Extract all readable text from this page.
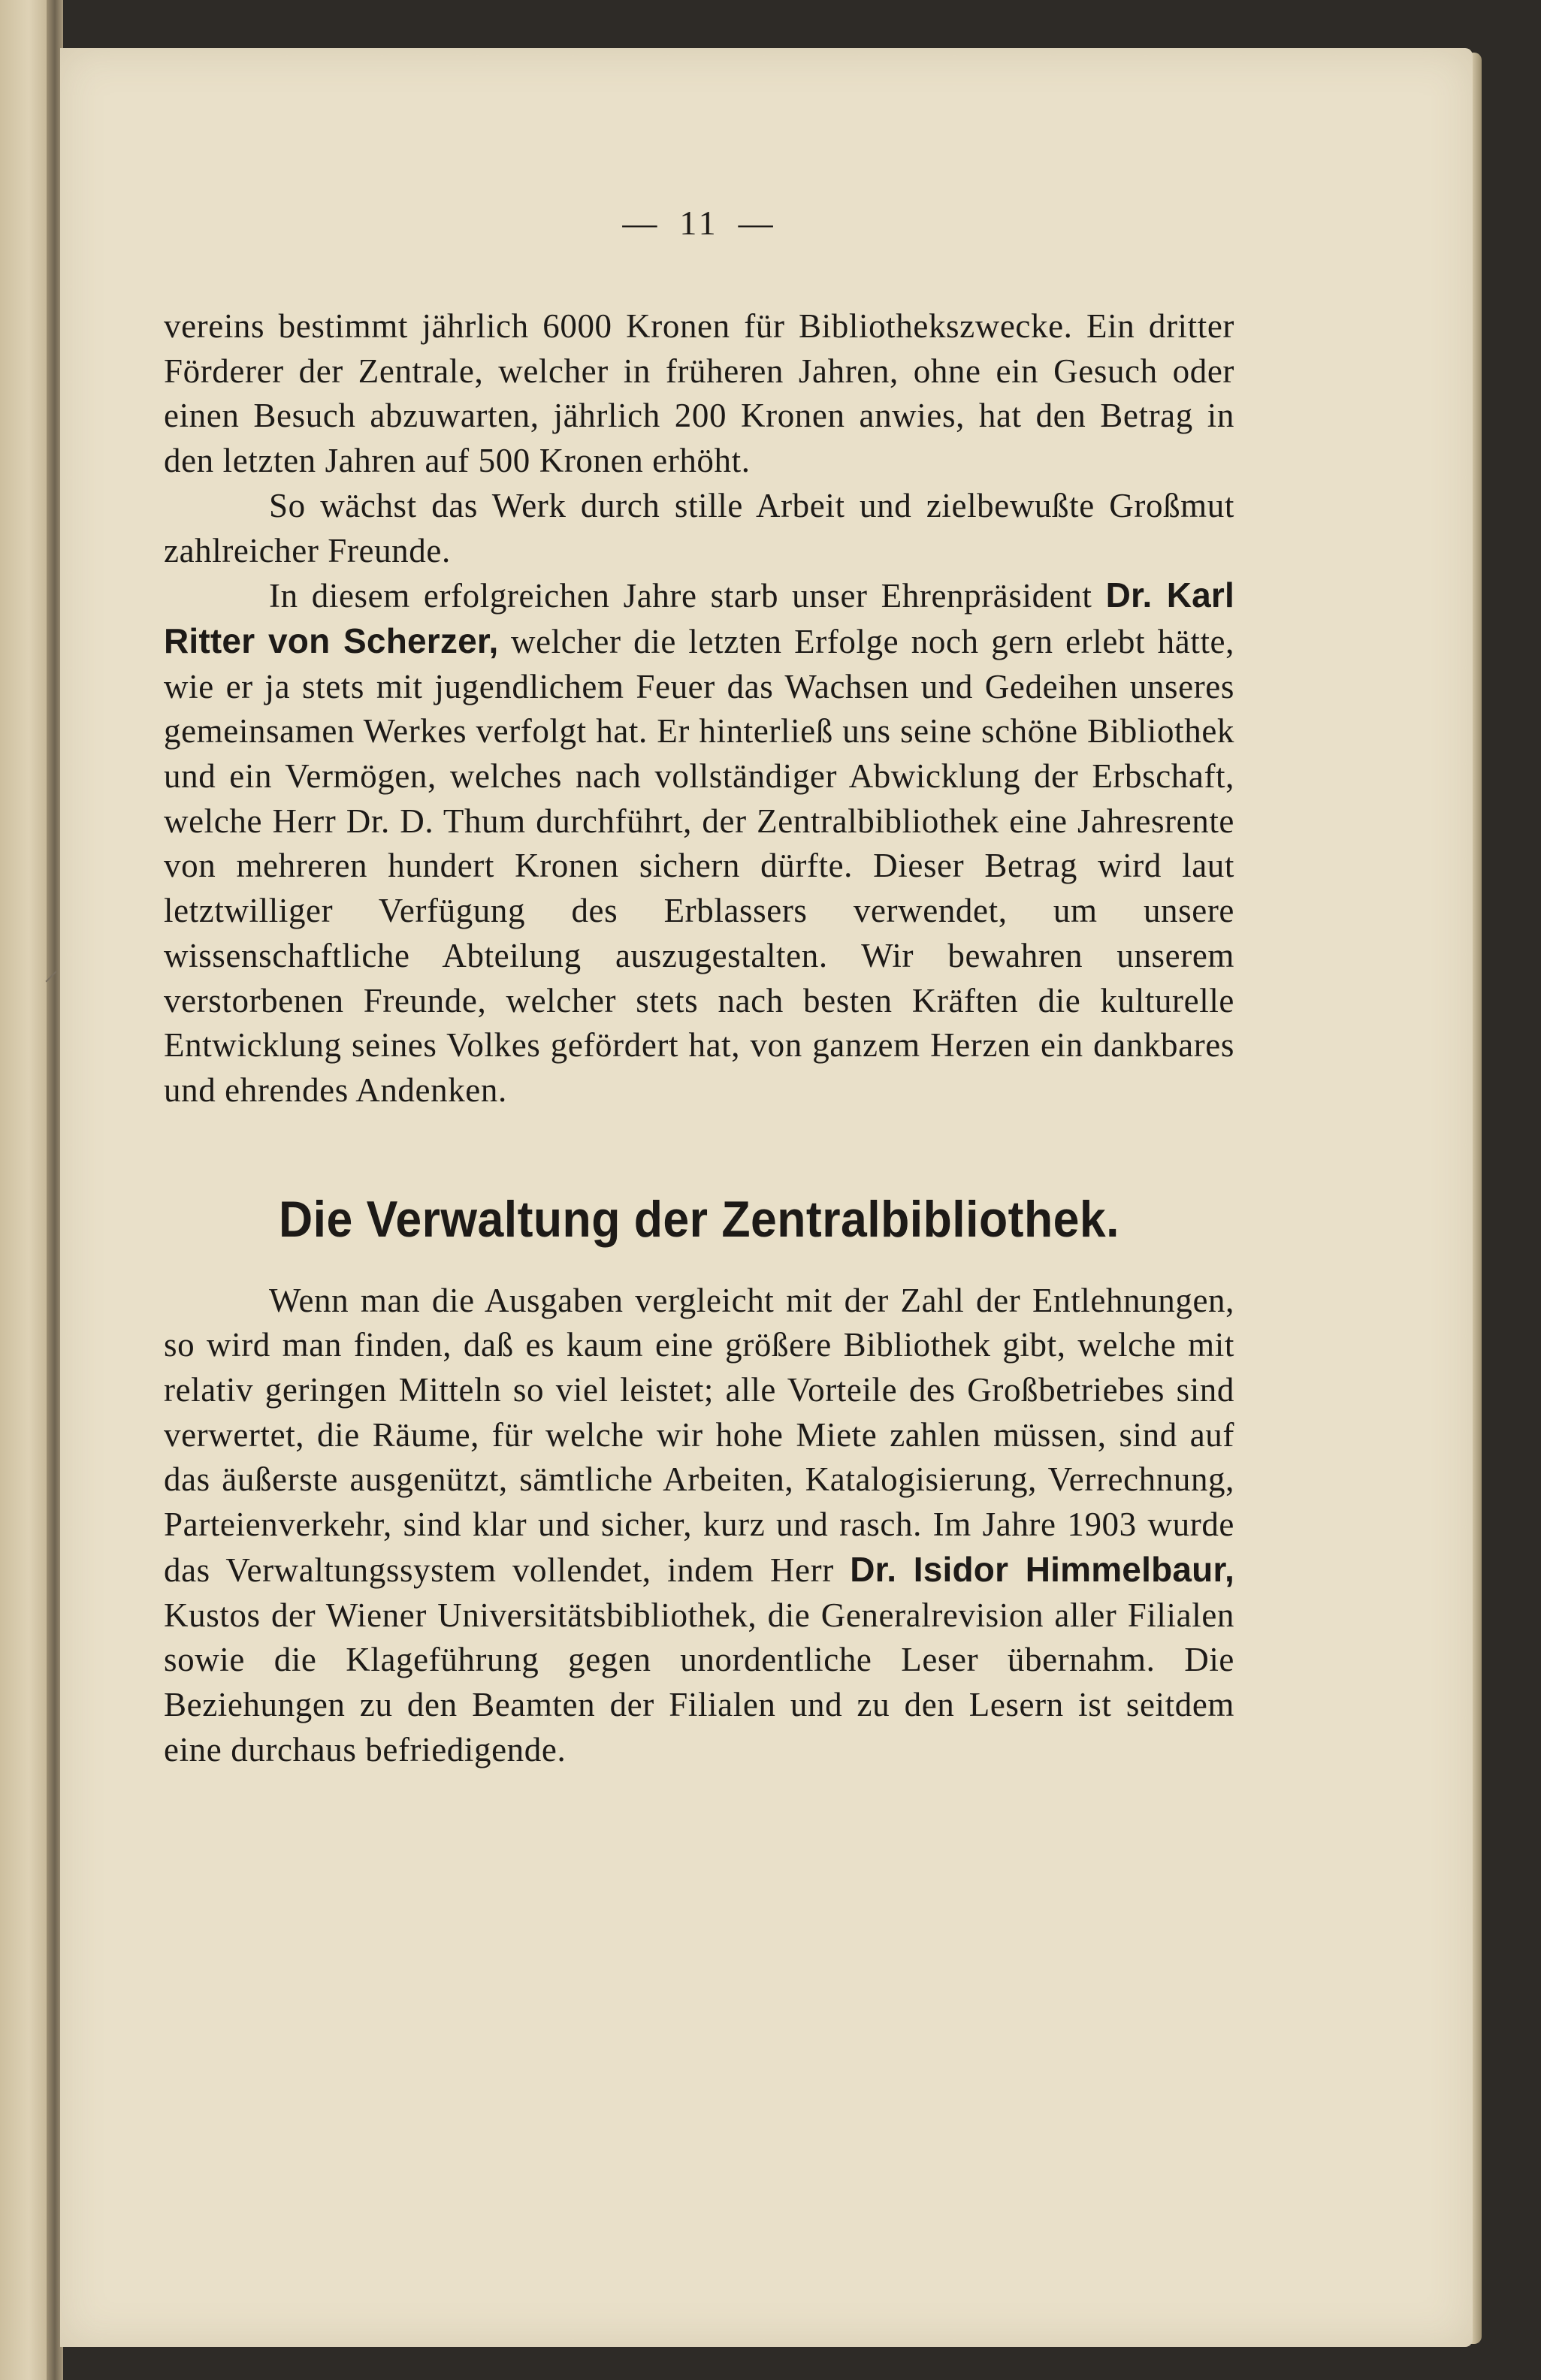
⸍
— 11 —

vereins bestimmt jährlich 6000 Kronen für Bibliothekszwecke. Ein dritter Förderer der Zentrale, welcher in früheren Jahren, ohne ein Gesuch oder einen Besuch abzuwarten, jährlich 200 Kronen anwies, hat den Betrag in den letzten Jahren auf 500 Kronen erhöht.

So wächst das Werk durch stille Arbeit und zielbewußte Großmut zahlreicher Freunde.

In diesem erfolgreichen Jahre starb unser Ehrenpräsident Dr. Karl Ritter von Scherzer, welcher die letzten Erfolge noch gern erlebt hätte, wie er ja stets mit jugendlichem Feuer das Wachsen und Gedeihen unseres gemeinsamen Werkes verfolgt hat. Er hinterließ uns seine schöne Bibliothek und ein Vermögen, welches nach vollständiger Abwicklung der Erbschaft, welche Herr Dr. D. Thum durchführt, der Zentralbibliothek eine Jahresrente von mehreren hundert Kronen sichern dürfte. Dieser Betrag wird laut letztwilliger Verfügung des Erblassers verwendet, um unsere wissenschaftliche Abteilung auszugestalten. Wir bewahren unserem verstorbenen Freunde, welcher stets nach besten Kräften die kulturelle Entwicklung seines Volkes gefördert hat, von ganzem Herzen ein dankbares und ehrendes Andenken.

Die Verwaltung der Zentralbibliothek.

Wenn man die Ausgaben vergleicht mit der Zahl der Entlehnungen, so wird man finden, daß es kaum eine größere Bibliothek gibt, welche mit relativ geringen Mitteln so viel leistet; alle Vorteile des Großbetriebes sind verwertet, die Räume, für welche wir hohe Miete zahlen müssen, sind auf das äußerste ausgenützt, sämtliche Arbeiten, Katalogisierung, Verrechnung, Parteienverkehr, sind klar und sicher, kurz und rasch. Im Jahre 1903 wurde das Verwaltungssystem vollendet, indem Herr Dr. Isidor Himmelbaur, Kustos der Wiener Universitätsbibliothek, die Generalrevision aller Filialen sowie die Klageführung gegen unordentliche Leser übernahm. Die Beziehungen zu den Beamten der Filialen und zu den Lesern ist seitdem eine durchaus befriedigende.
